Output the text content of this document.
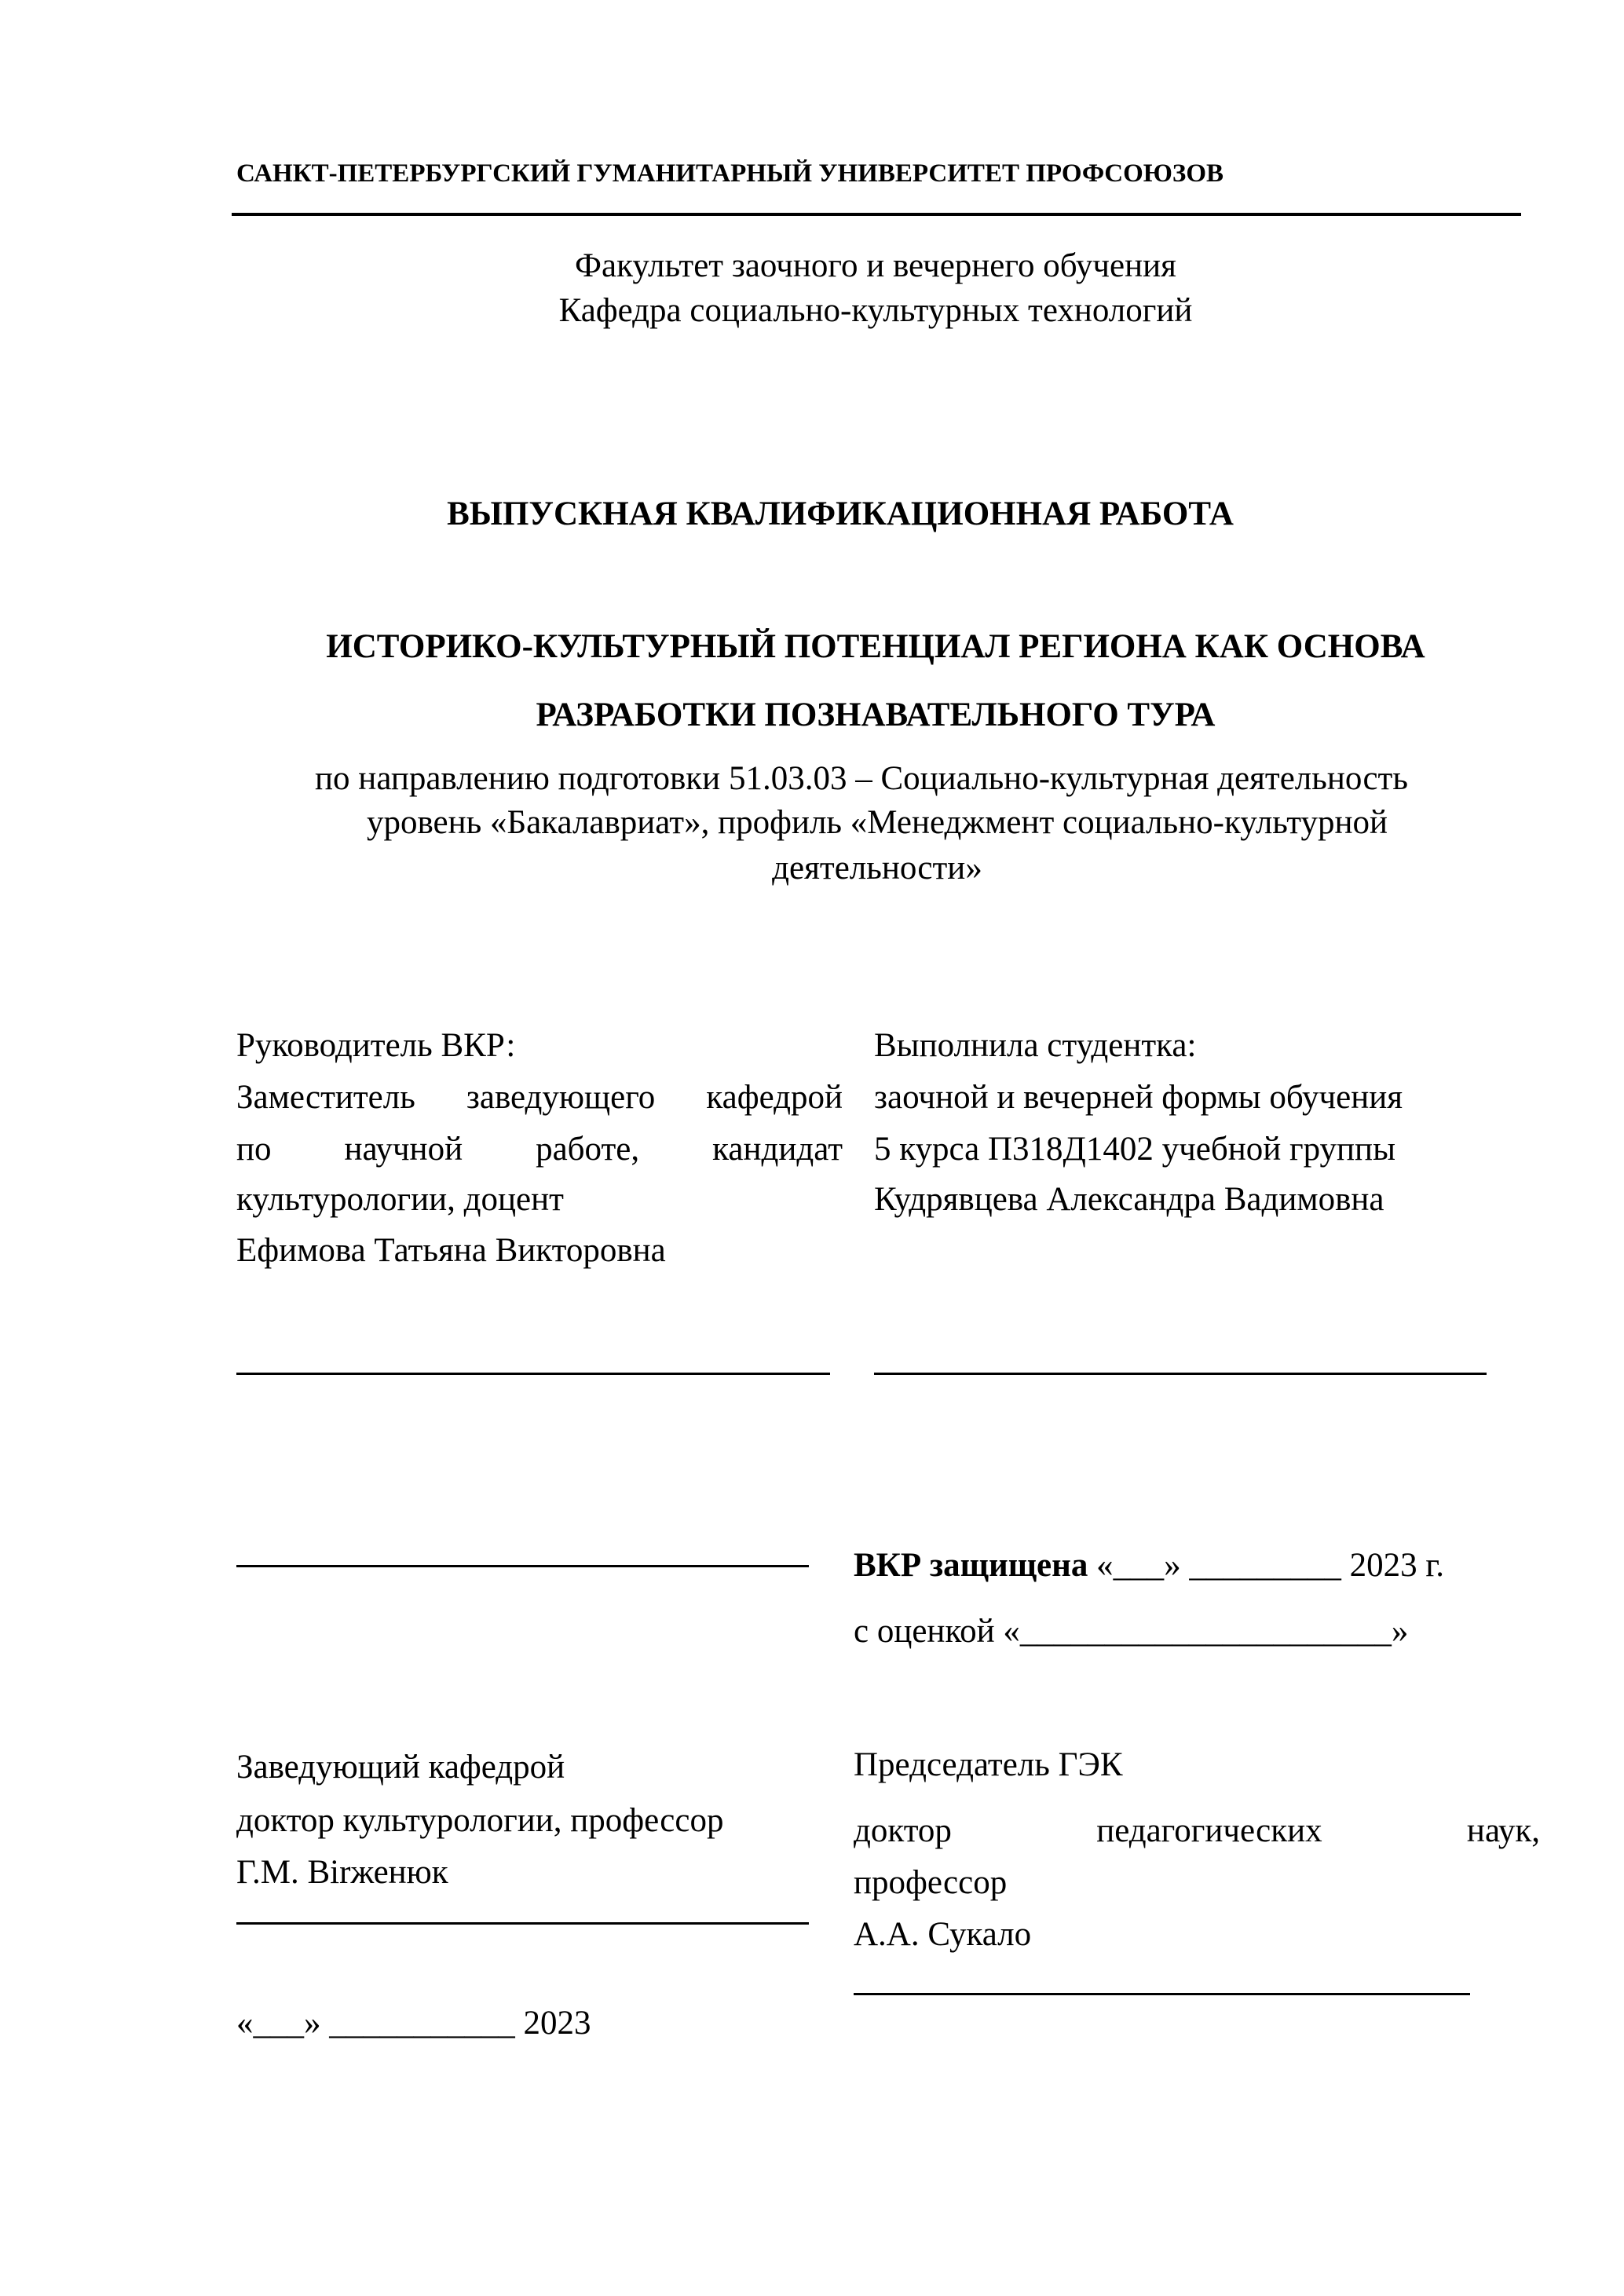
САНКТ-ПЕТЕРБУРГСКИЙ ГУМАНИТАРНЫЙ УНИВЕРСИТЕТ ПРОФСОЮЗОВ
Факультет заочного и вечернего обучения
Кафедра социально-культурных технологий
ВЫПУСКНАЯ КВАЛИФИКАЦИОННАЯ РАБОТА
ИСТОРИКО-КУЛЬТУРНЫЙ ПОТЕНЦИАЛ РЕГИОНА КАК ОСНОВА
РАЗРАБОТКИ ПОЗНАВАТЕЛЬНОГО ТУРА
по направлению подготовки 51.03.03 – Социально-культурная деятельность
уровень «Бакалавриат», профиль «Менеджмент социально-культурной
деятельности»
Руководитель ВКР:
Заместитель заведующего кафедрой
по научной работе, кандидат
культурологии, доцент
Ефимова Татьяна Викторовна
Выполнила студентка:
заочной и вечерней формы обучения
5 курса П318Д1402 учебной группы
Кудрявцева Александра Вадимовна
ВКР защищена «___» _________ 2023 г.
с оценкой «______________________»
Заведующий кафедрой
доктор культурологии, профессор
Г.М. Birженюк
«___» ___________ 2023
Председатель ГЭК
доктор педагогических наук,
профессор
А.А. Сукало
